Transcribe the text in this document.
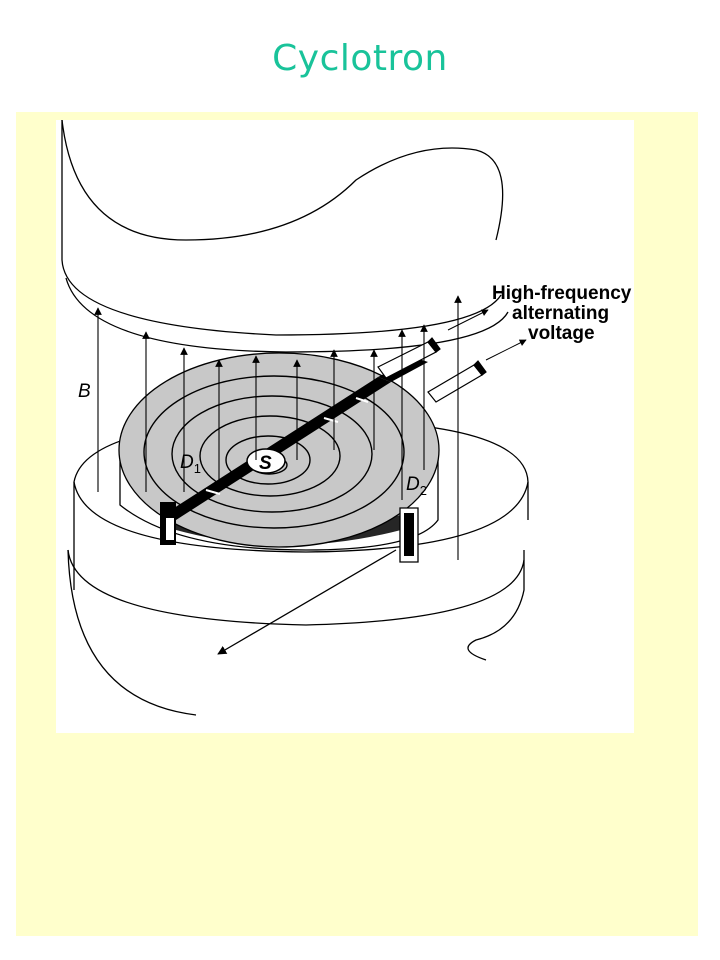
Cyclotron
B
$D_1$
$D_2$
S
High-frequency
alternating
voltage
